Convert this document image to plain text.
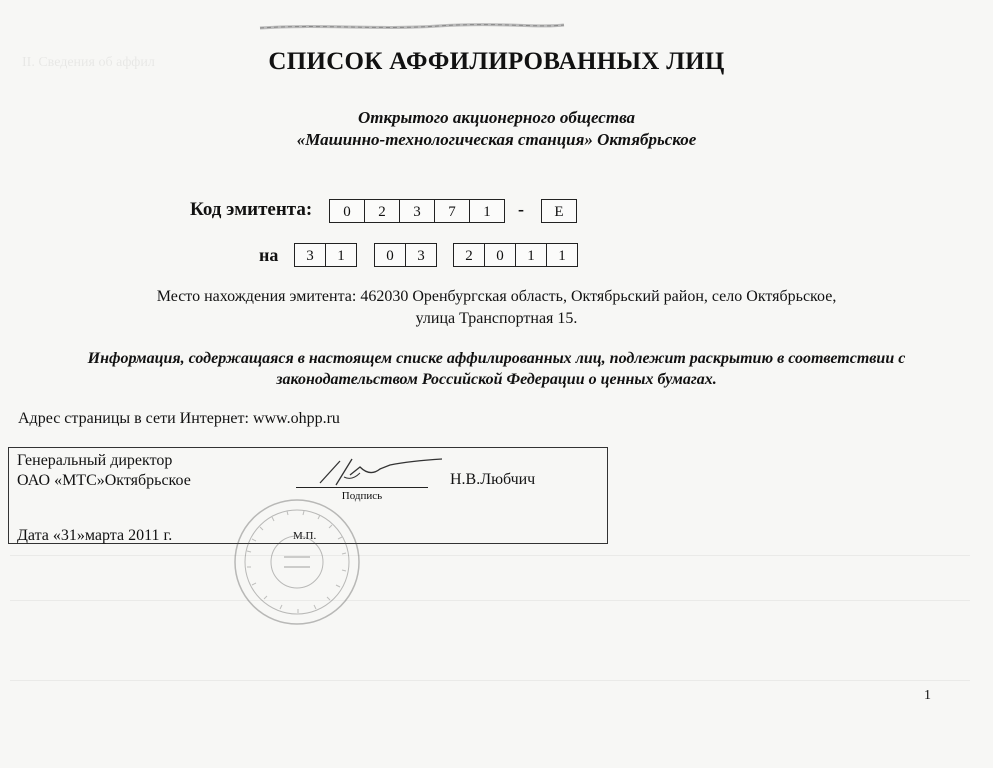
II. Сведения об аффил
	СПИСОК АФФИЛИРОВАННЫХ ЛИЦ
Открытого акционерного общества
«Машинно-технологическая станция» Октябрьское
Код эмитента:	0	2	3	7	1	-	E
на	3	1	0	3	2	0	1	1
Место нахождения эмитента: 462030 Оренбургская область, Октябрьский район, село Октябрьское,
улица Транспортная 15.
Информация, содержащаяся в настоящем списке аффилированных лиц, подлежит раскрытию в соответствии с
законодательством Российской Федерации о ценных бумагах.
Адрес страницы в сети Интернет: www.ohpp.ru
Генеральный директор
ОАО «МТС»Октябрьское
Подпись
Н.В.Любчич
Дата «31»марта 2011 г.	М.П.
1
